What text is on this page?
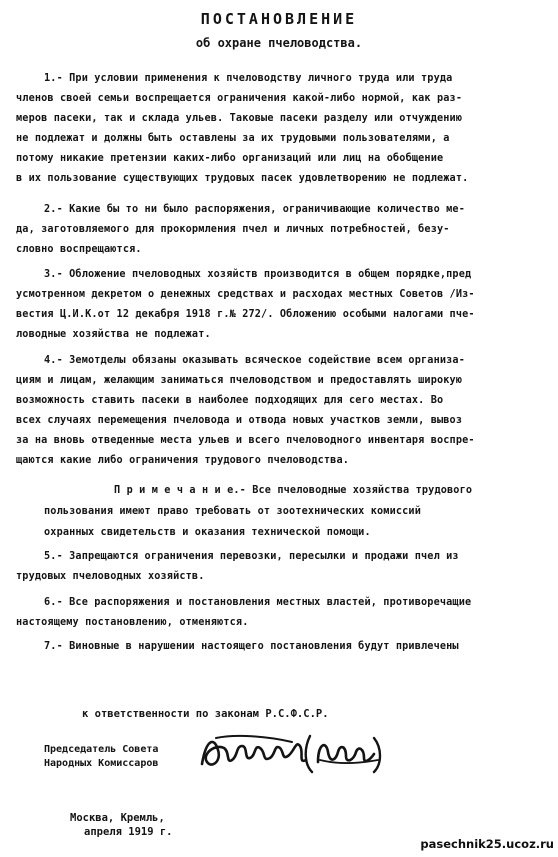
ПОСТАНОВЛЕНИЕ
об охране пчеловодства.
1.- При условии применения к пчеловодству личного труда или труда
членов своей семьи воспрещается ограничения какой-либо нормой, как раз-
меров пасеки, так и склада ульев. Таковые пасеки разделу или отчуждению
не подлежат и должны быть оставлены за их трудовыми пользователями, а
потому никакие претензии каких-либо организаций или лиц на обобщение
в их пользование существующих трудовых пасек удовлетворению не подлежат.
2.- Какие бы то ни было распоряжения, ограничивающие количество ме-
да, заготовляемого для прокормления пчел и личных потребностей, безу-
словно воспрещаются.
3.- Обложение пчеловодных хозяйств производится в общем порядке,пред
усмотренном декретом о денежных средствах и расходах местных Советов /Из-
вестия Ц.И.К.от 12 декабря 1918 г.№ 272/. Обложению особыми налогами пче-
ловодные хозяйства не подлежат.
4.- Земотделы обязаны оказывать всяческое содействие всем организа-
циям и лицам, желающим заниматься пчеловодством и предоставлять широкую
возможность ставить пасеки в наиболее подходящих для сего местах. Во
всех случаях перемещения пчеловода и отвода новых участков земли, вывоз
за на вновь отведенные места ульев и всего пчеловодного инвентаря воспре-
щаются какие либо ограничения трудового пчеловодства.
П р и м е ч а н и е.- Все пчеловодные хозяйства трудового
пользования имеют право требовать от зоотехнических комиссий
охранных свидетельств и оказания технической помощи.
5.- Запрещаются ограничения перевозки, пересылки и продажи пчел из
трудовых пчеловодных хозяйств.
6.- Все распоряжения и постановления местных властей, противоречащие
настоящему постановлению, отменяются.
7.- Виновные в нарушении настоящего постановления будут привлечены
к ответственности по законам Р.С.Ф.С.Р.
Председатель Совета
Народных Комиссаров
Москва, Кремль,
апреля 1919 г.
pasechnik25.ucoz.ru
